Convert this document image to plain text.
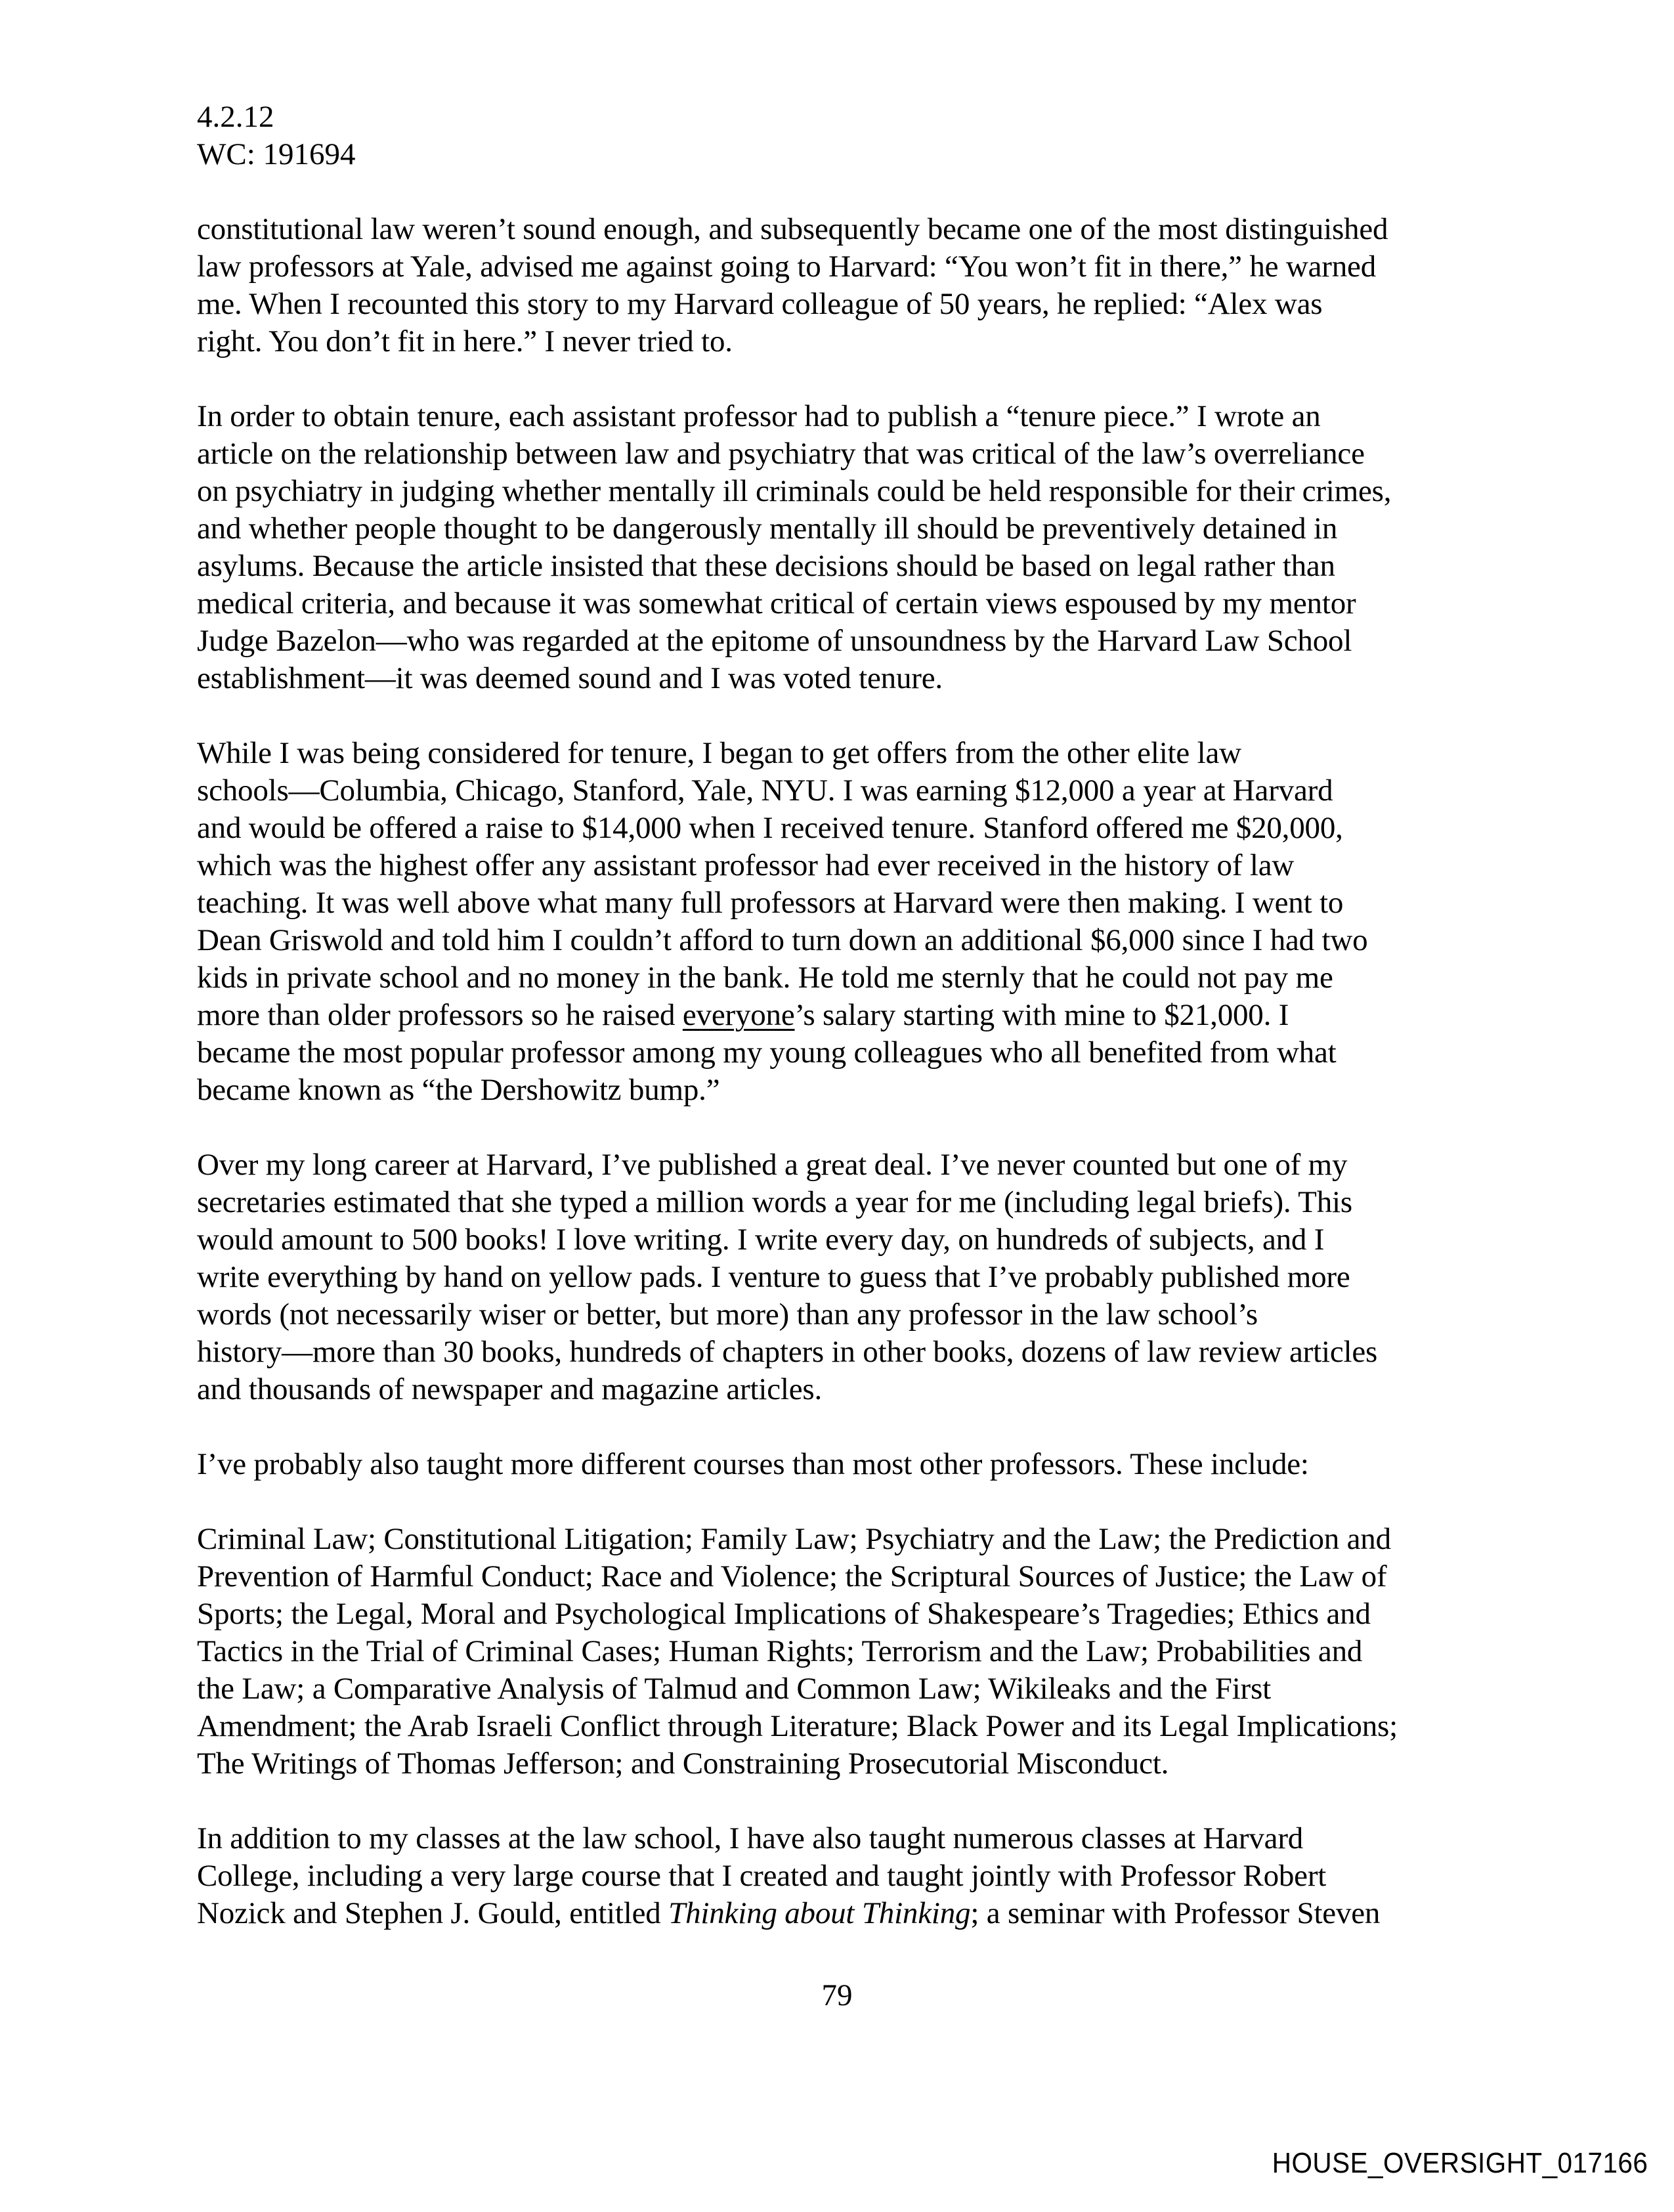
4.2.12
WC: 191694

constitutional law weren’t sound enough, and subsequently became one of the most distinguished
law professors at Yale, advised me against going to Harvard: “You won’t fit in there,” he warned
me. When I recounted this story to my Harvard colleague of 50 years, he replied: “Alex was
right. You don’t fit in here.” I never tried to.

In order to obtain tenure, each assistant professor had to publish a “tenure piece.” I wrote an
article on the relationship between law and psychiatry that was critical of the law’s overreliance
on psychiatry in judging whether mentally ill criminals could be held responsible for their crimes,
and whether people thought to be dangerously mentally ill should be preventively detained in
asylums. Because the article insisted that these decisions should be based on legal rather than
medical criteria, and because it was somewhat critical of certain views espoused by my mentor
Judge Bazelon—who was regarded at the epitome of unsoundness by the Harvard Law School
establishment—it was deemed sound and I was voted tenure.

While I was being considered for tenure, I began to get offers from the other elite law
schools—Columbia, Chicago, Stanford, Yale, NYU. I was earning $12,000 a year at Harvard
and would be offered a raise to $14,000 when I received tenure. Stanford offered me $20,000,
which was the highest offer any assistant professor had ever received in the history of law
teaching. It was well above what many full professors at Harvard were then making. I went to
Dean Griswold and told him I couldn’t afford to turn down an additional $6,000 since I had two
kids in private school and no money in the bank. He told me sternly that he could not pay me
more than older professors so he raised everyone’s salary starting with mine to $21,000. I
became the most popular professor among my young colleagues who all benefited from what
became known as “the Dershowitz bump.”

Over my long career at Harvard, I’ve published a great deal. I’ve never counted but one of my
secretaries estimated that she typed a million words a year for me (including legal briefs). This
would amount to 500 books! I love writing. I write every day, on hundreds of subjects, and I
write everything by hand on yellow pads. I venture to guess that I’ve probably published more
words (not necessarily wiser or better, but more) than any professor in the law school’s
history—more than 30 books, hundreds of chapters in other books, dozens of law review articles
and thousands of newspaper and magazine articles.

I’ve probably also taught more different courses than most other professors. These include:

Criminal Law; Constitutional Litigation; Family Law; Psychiatry and the Law; the Prediction and
Prevention of Harmful Conduct; Race and Violence; the Scriptural Sources of Justice; the Law of
Sports; the Legal, Moral and Psychological Implications of Shakespeare’s Tragedies; Ethics and
Tactics in the Trial of Criminal Cases; Human Rights; Terrorism and the Law; Probabilities and
the Law; a Comparative Analysis of Talmud and Common Law; Wikileaks and the First
Amendment; the Arab Israeli Conflict through Literature; Black Power and its Legal Implications;
The Writings of Thomas Jefferson; and Constraining Prosecutorial Misconduct.

In addition to my classes at the law school, I have also taught numerous classes at Harvard
College, including a very large course that I created and taught jointly with Professor Robert
Nozick and Stephen J. Gould, entitled Thinking about Thinking; a seminar with Professor Steven

79
HOUSE_OVERSIGHT_017166
